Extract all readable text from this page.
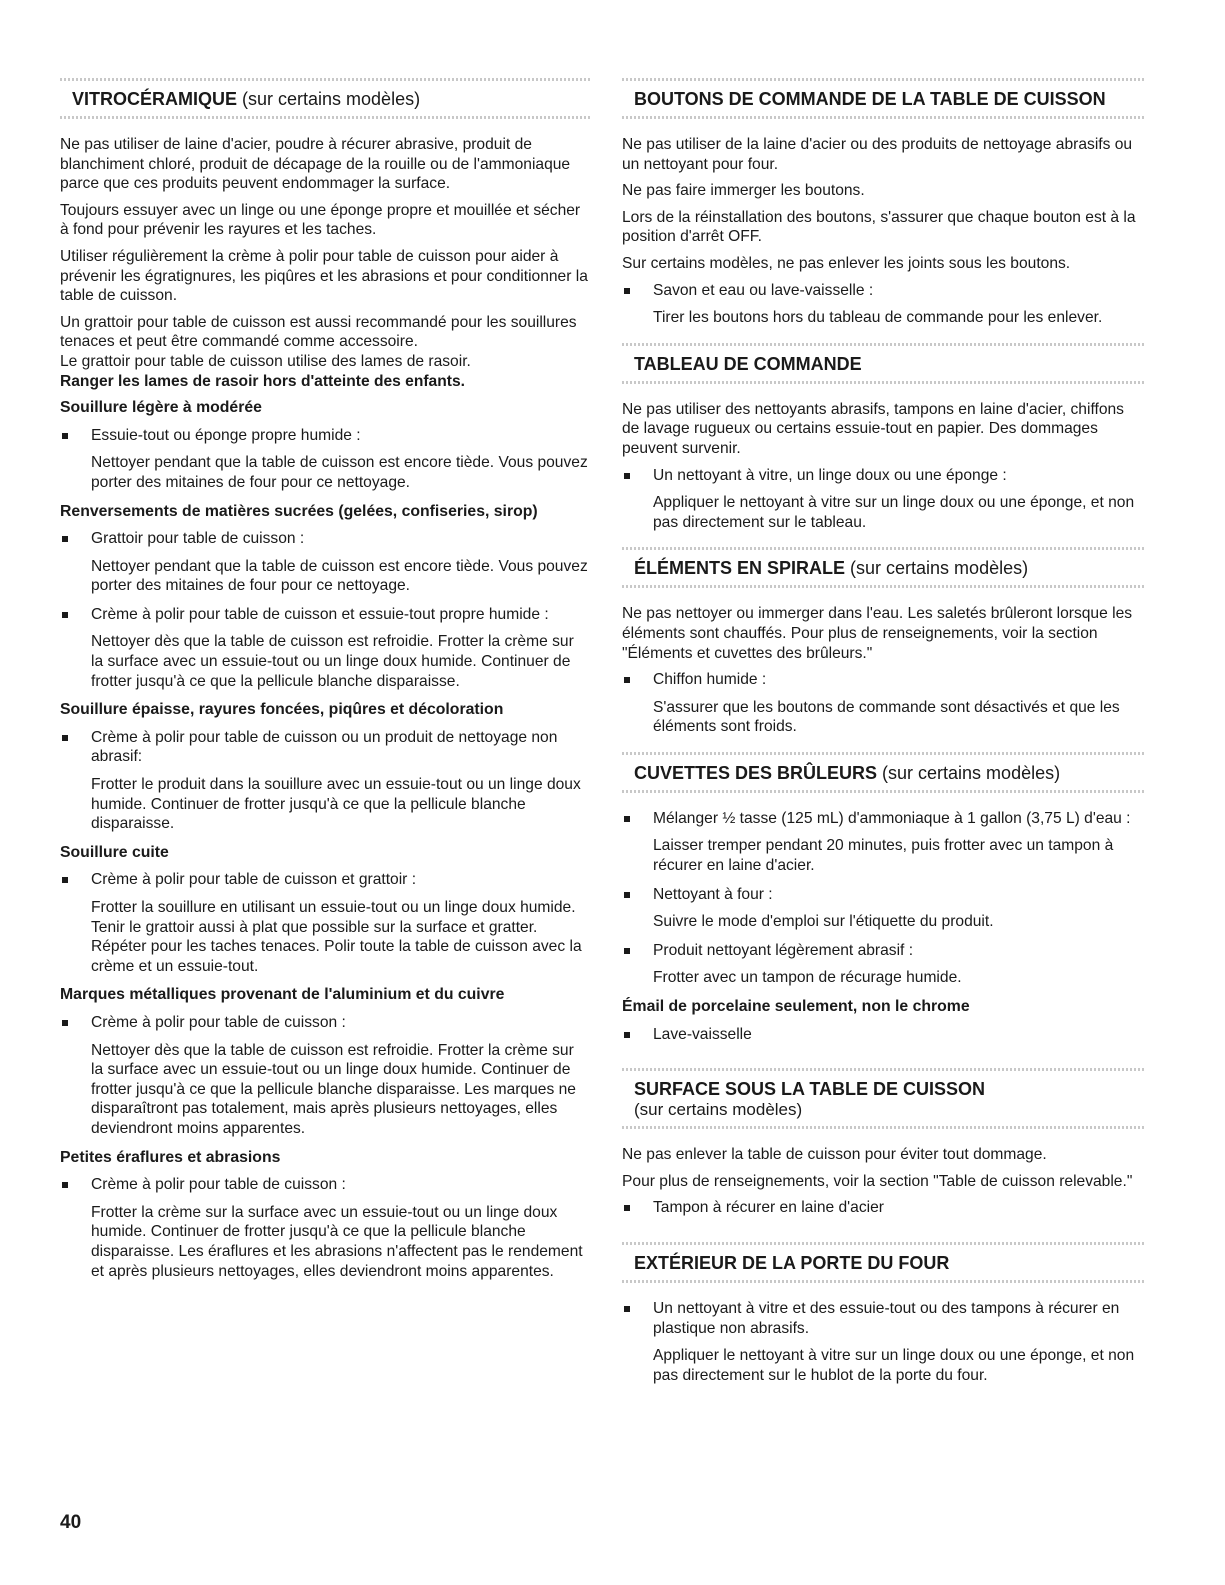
VITROCÉRAMIQUE (sur certains modèles)

Ne pas utiliser de laine d'acier, poudre à récurer abrasive, produit de blanchiment chloré, produit de décapage de la rouille ou de l'ammoniaque parce que ces produits peuvent endommager la surface.

Toujours essuyer avec un linge ou une éponge propre et mouillée et sécher à fond pour prévenir les rayures et les taches.

Utiliser régulièrement la crème à polir pour table de cuisson pour aider à prévenir les égratignures, les piqûres et les abrasions et pour conditionner la table de cuisson.

Un grattoir pour table de cuisson est aussi recommandé pour les souillures tenaces et peut être commandé comme accessoire.

Le grattoir pour table de cuisson utilise des lames de rasoir.

Ranger les lames de rasoir hors d'atteinte des enfants.

Souillure légère à modérée
Essuie-tout ou éponge propre humide :

Nettoyer pendant que la table de cuisson est encore tiède. Vous pouvez porter des mitaines de four pour ce nettoyage.

Renversements de matières sucrées (gelées, confiseries, sirop)
Grattoir pour table de cuisson :

Nettoyer pendant que la table de cuisson est encore tiède. Vous pouvez porter des mitaines de four pour ce nettoyage.

Crème à polir pour table de cuisson et essuie-tout propre humide :

Nettoyer dès que la table de cuisson est refroidie. Frotter la crème sur la surface avec un essuie-tout ou un linge doux humide. Continuer de frotter jusqu'à ce que la pellicule blanche disparaisse.

Souillure épaisse, rayures foncées, piqûres et décoloration
Crème à polir pour table de cuisson ou un produit de nettoyage non abrasif:

Frotter le produit dans la souillure avec un essuie-tout ou un linge doux humide. Continuer de frotter jusqu'à ce que la pellicule blanche disparaisse.

Souillure cuite
Crème à polir pour table de cuisson et grattoir :

Frotter la souillure en utilisant un essuie-tout ou un linge doux humide. Tenir le grattoir aussi à plat que possible sur la surface et gratter. Répéter pour les taches tenaces. Polir toute la table de cuisson avec la crème et un essuie-tout.

Marques métalliques provenant de l'aluminium et du cuivre
Crème à polir pour table de cuisson :

Nettoyer dès que la table de cuisson est refroidie. Frotter la crème sur la surface avec un essuie-tout ou un linge doux humide. Continuer de frotter jusqu'à ce que la pellicule blanche disparaisse. Les marques ne disparaîtront pas totalement, mais après plusieurs nettoyages, elles deviendront moins apparentes.

Petites éraflures et abrasions
Crème à polir pour table de cuisson :

Frotter la crème sur la surface avec un essuie-tout ou un linge doux humide. Continuer de frotter jusqu'à ce que la pellicule blanche disparaisse. Les éraflures et les abrasions n'affectent pas le rendement et après plusieurs nettoyages, elles deviendront moins apparentes.

BOUTONS DE COMMANDE DE LA TABLE DE CUISSON

Ne pas utiliser de la laine d'acier ou des produits de nettoyage abrasifs ou un nettoyant pour four.

Ne pas faire immerger les boutons.

Lors de la réinstallation des boutons, s'assurer que chaque bouton est à la position d'arrêt OFF.

Sur certains modèles, ne pas enlever les joints sous les boutons.

Savon et eau ou lave-vaisselle :

Tirer les boutons hors du tableau de commande pour les enlever.

TABLEAU DE COMMANDE

Ne pas utiliser des nettoyants abrasifs, tampons en laine d'acier, chiffons de lavage rugueux ou certains essuie-tout en papier. Des dommages peuvent survenir.

Un nettoyant à vitre, un linge doux ou une éponge :

Appliquer le nettoyant à vitre sur un linge doux ou une éponge, et non pas directement sur le tableau.

ÉLÉMENTS EN SPIRALE (sur certains modèles)

Ne pas nettoyer ou immerger dans l'eau. Les saletés brûleront lorsque les éléments sont chauffés. Pour plus de renseignements, voir la section "Éléments et cuvettes des brûleurs."

Chiffon humide :

S'assurer que les boutons de commande sont désactivés et que les éléments sont froids.

CUVETTES DES BRÛLEURS (sur certains modèles)
Mélanger ½ tasse (125 mL) d'ammoniaque à 1 gallon (3,75 L) d'eau :

Laisser tremper pendant 20 minutes, puis frotter avec un tampon à récurer en laine d'acier.

Nettoyant à four :

Suivre le mode d'emploi sur l'étiquette du produit.

Produit nettoyant légèrement abrasif :

Frotter avec un tampon de récurage humide.

Émail de porcelaine seulement, non le chrome
Lave-vaisselle
SURFACE SOUS LA TABLE DE CUISSON
(sur certains modèles)

Ne pas enlever la table de cuisson pour éviter tout dommage.

Pour plus de renseignements, voir la section "Table de cuisson relevable."

Tampon à récurer en laine d'acier
EXTÉRIEUR DE LA PORTE DU FOUR
Un nettoyant à vitre et des essuie-tout ou des tampons à récurer en plastique non abrasifs.

Appliquer le nettoyant à vitre sur un linge doux ou une éponge, et non pas directement sur le hublot de la porte du four.

40
